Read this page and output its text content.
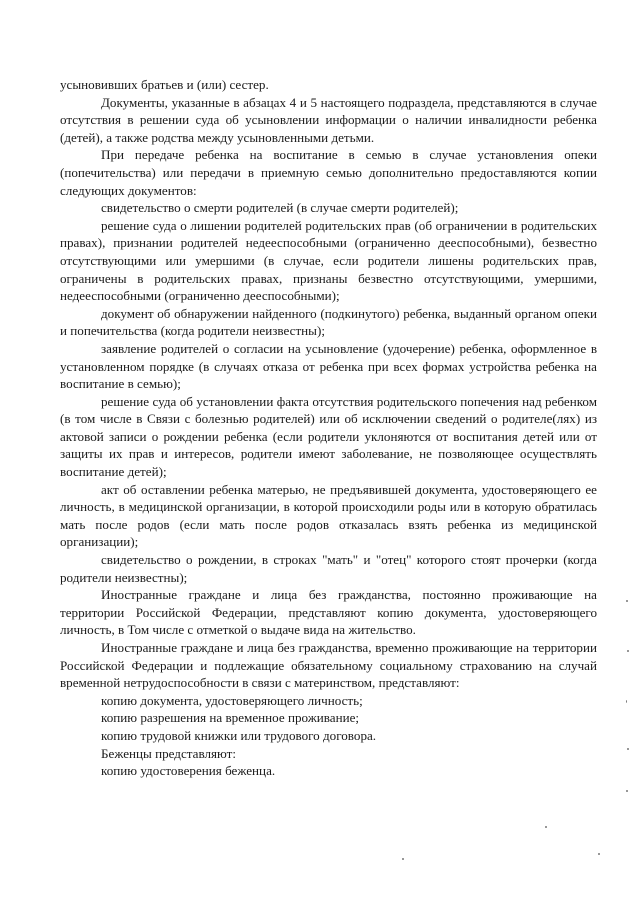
усыновивших братьев и (или) сестер.

Документы, указанные в абзацах 4 и 5 настоящего подраздела, представляются в случае отсутствия в решении суда об усыновлении информации о наличии инвалидности ребенка (детей), а также родства между усыновленными детьми.

При передаче ребенка на воспитание в семью в случае установления опеки (попечительства) или передачи в приемную семью дополнительно предоставляются копии следующих документов:

свидетельство о смерти родителей (в случае смерти родителей);

решение суда о лишении родителей родительских прав (об ограничении в родительских правах), признании родителей недееспособными (ограниченно дееспособными), безвестно отсутствующими или умершими (в случае, если родители лишены родительских прав, ограничены в родительских правах, признаны безвестно отсутствующими, умершими, недееспособными (ограниченно дееспособными);

документ об обнаружении найденного (подкинутого) ребенка, выданный органом опеки и попечительства (когда родители неизвестны);

заявление родителей о согласии на усыновление (удочерение) ребенка, оформленное в установленном порядке (в случаях отказа от ребенка при всех формах устройства ребенка на воспитание в семью);

решение суда об установлении факта отсутствия родительского попечения над ребенком (в том числе в Связи с болезнью родителей) или об исключении сведений о родителе(лях) из актовой записи о рождении ребенка (если родители уклоняются от воспитания детей или от защиты их прав и интересов, родители имеют заболевание, не позволяющее осуществлять воспитание детей);

акт об оставлении ребенка матерью, не предъявившей документа, удостоверяющего ее личность, в медицинской организации, в которой происходили роды или в которую обратилась мать после родов (если мать после родов отказалась взять ребенка из медицинской организации);

свидетельство о рождении, в строках "мать" и "отец" которого стоят прочерки (когда родители неизвестны);

Иностранные граждане и лица без гражданства, постоянно проживающие на территории Российской Федерации, представляют копию документа, удостоверяющего личность, в Том числе с отметкой о выдаче вида на жительство.

Иностранные граждане и лица без гражданства, временно проживающие на территории Российской Федерации и подлежащие обязательному социальному страхованию на случай временной нетрудоспособности в связи с материнством, представляют:

копию документа, удостоверяющего личность;

копию разрешения на временное проживание;

копию трудовой книжки или трудового договора.

Беженцы представляют:

копию удостоверения беженца.
